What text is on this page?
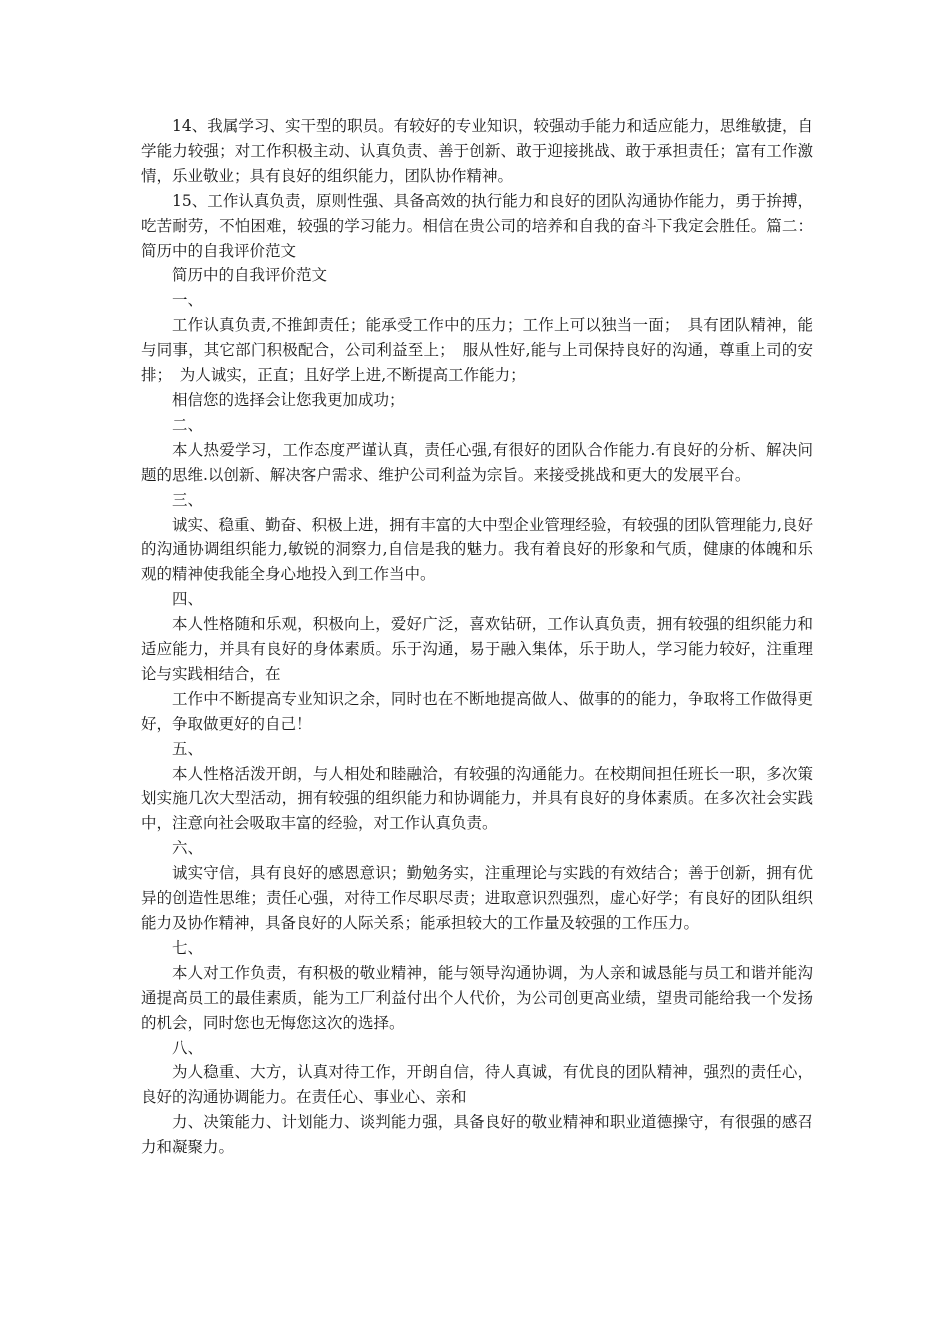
14、我属学习、实干型的职员。有较好的专业知识，较强动手能力和适应能力，思维敏捷，自学能力较强；对工作积极主动、认真负责、善于创新、敢于迎接挑战、敢于承担责任；富有工作激情，乐业敬业；具有良好的组织能力，团队协作精神。

15、工作认真负责，原则性强、具备高效的执行能力和良好的团队沟通协作能力，勇于拚搏，吃苦耐劳，不怕困难，较强的学习能力。相信在贵公司的培养和自我的奋斗下我定会胜任。篇二：简历中的自我评价范文

简历中的自我评价范文

一、

工作认真负责,不推卸责任；能承受工作中的压力；工作上可以独当一面；　具有团队精神，能与同事，其它部门积极配合，公司利益至上；　服从性好,能与上司保持良好的沟通，尊重上司的安排；　为人诚实，正直；且好学上进,不断提高工作能力；

相信您的选择会让您我更加成功；

二、

本人热爱学习，工作态度严谨认真，责任心强,有很好的团队合作能力.有良好的分析、解决问题的思维.以创新、解决客户需求、维护公司利益为宗旨。来接受挑战和更大的发展平台。

三、

诚实、稳重、勤奋、积极上进，拥有丰富的大中型企业管理经验，有较强的团队管理能力,良好的沟通协调组织能力,敏锐的洞察力,自信是我的魅力。我有着良好的形象和气质，健康的体魄和乐观的精神使我能全身心地投入到工作当中。

四、

本人性格随和乐观，积极向上，爱好广泛，喜欢钻研，工作认真负责，拥有较强的组织能力和适应能力，并具有良好的身体素质。乐于沟通，易于融入集体，乐于助人，学习能力较好，注重理论与实践相结合，在

工作中不断提高专业知识之余，同时也在不断地提高做人、做事的的能力，争取将工作做得更好，争取做更好的自己！

五、

本人性格活泼开朗，与人相处和睦融洽，有较强的沟通能力。在校期间担任班长一职，多次策划实施几次大型活动，拥有较强的组织能力和协调能力，并具有良好的身体素质。在多次社会实践中，注意向社会吸取丰富的经验，对工作认真负责。

六、

诚实守信，具有良好的感恩意识；勤勉务实，注重理论与实践的有效结合；善于创新，拥有优异的创造性思维；责任心强，对待工作尽职尽责；进取意识烈强烈，虚心好学；有良好的团队组织能力及协作精神，具备良好的人际关系；能承担较大的工作量及较强的工作压力。

七、

本人对工作负责，有积极的敬业精神，能与领导沟通协调，为人亲和诚恳能与员工和谐并能沟通提高员工的最佳素质，能为工厂利益付出个人代价，为公司创更高业绩，望贵司能给我一个发扬的机会，同时您也无悔您这次的选择。

八、

为人稳重、大方，认真对待工作，开朗自信，待人真诚，有优良的团队精神，强烈的责任心，良好的沟通协调能力。在责任心、事业心、亲和

力、决策能力、计划能力、谈判能力强，具备良好的敬业精神和职业道德操守，有很强的感召力和凝聚力。
